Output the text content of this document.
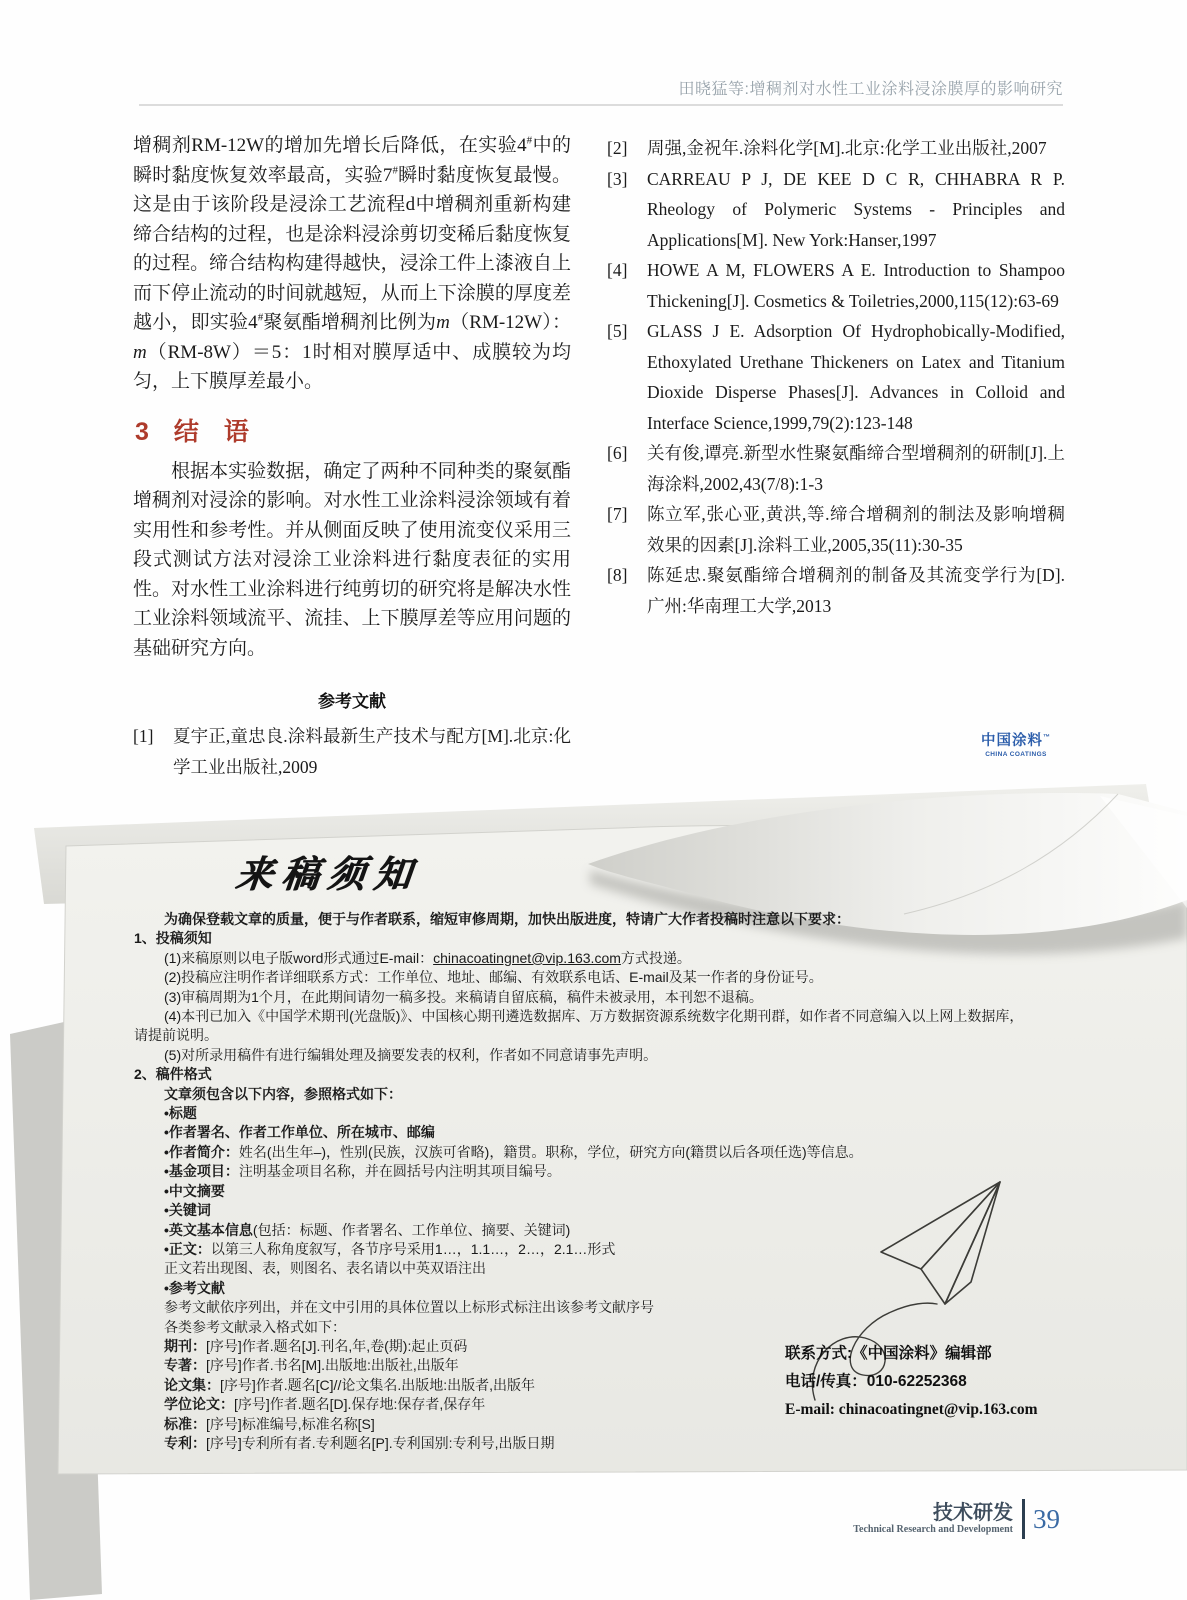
田晓猛等:增稠剂对水性工业涂料浸涂膜厚的影响研究
增稠剂RM-12W的增加先增长后降低，在实验4#中的瞬时黏度恢复效率最高，实验7#瞬时黏度恢复最慢。这是由于该阶段是浸涂工艺流程d中增稠剂重新构建缔合结构的过程，也是涂料浸涂剪切变稀后黏度恢复的过程。缔合结构构建得越快，浸涂工件上漆液自上而下停止流动的时间就越短，从而上下涂膜的厚度差越小，即实验4#聚氨酯增稠剂比例为m（RM-12W）：m（RM-8W）＝5：1时相对膜厚适中、成膜较为均匀，上下膜厚差最小。
3　结　语
根据本实验数据，确定了两种不同种类的聚氨酯增稠剂对浸涂的影响。对水性工业涂料浸涂领域有着实用性和参考性。并从侧面反映了使用流变仪采用三段式测试方法对浸涂工业涂料进行黏度表征的实用性。对水性工业涂料进行纯剪切的研究将是解决水性工业涂料领域流平、流挂、上下膜厚差等应用问题的基础研究方向。
参考文献
[1]	夏宇正,童忠良.涂料最新生产技术与配方[M].北京:化学工业出版社,2009
[2]	周强,金祝年.涂料化学[M].北京:化学工业出版社,2007
[3]	CARREAU P J, DE KEE D C R, CHHABRA R P. Rheology of Polymeric Systems - Principles and Applications[M]. New York:Hanser,1997
[4]	HOWE A M, FLOWERS A E. Introduction to Shampoo Thickening[J]. Cosmetics & Toiletries,2000,115(12):63-69
[5]	GLASS J E. Adsorption Of Hydrophobically-Modified, Ethoxylated Urethane Thickeners on Latex and Titanium Dioxide Disperse Phases[J]. Advances in Colloid and Interface Science,1999,79(2):123-148
[6]	关有俊,谭亮.新型水性聚氨酯缔合型增稠剂的研制[J].上海涂料,2002,43(7/8):1-3
[7]	陈立军,张心亚,黄洪,等.缔合增稠剂的制法及影响增稠效果的因素[J].涂料工业,2005,35(11):30-35
[8]	陈延忠.聚氨酯缔合增稠剂的制备及其流变学行为[D].广州:华南理工大学,2013
中国涂料™
CHINA COATINGS
来稿须知
为确保登载文章的质量，便于与作者联系，缩短审修周期，加快出版进度，特请广大作者投稿时注意以下要求：
1、投稿须知
(1)来稿原则以电子版word形式通过E-mail：chinacoatingnet@vip.163.com方式投递。
(2)投稿应注明作者详细联系方式：工作单位、地址、邮编、有效联系电话、E-mail及某一作者的身份证号。
(3)审稿周期为1个月，在此期间请勿一稿多投。来稿请自留底稿，稿件未被录用，本刊恕不退稿。
(4)本刊已加入《中国学术期刊(光盘版)》、中国核心期刊遴选数据库、万方数据资源系统数字化期刊群，如作者不同意编入以上网上数据库，
请提前说明。
(5)对所录用稿件有进行编辑处理及摘要发表的权利，作者如不同意请事先声明。
2、稿件格式
文章须包含以下内容，参照格式如下：
•标题
•作者署名、作者工作单位、所在城市、邮编
•作者简介：姓名(出生年–)，性别(民族，汉族可省略)，籍贯。职称，学位，研究方向(籍贯以后各项任选)等信息。
•基金项目：注明基金项目名称，并在圆括号内注明其项目编号。
•中文摘要
•关键词
•英文基本信息(包括：标题、作者署名、工作单位、摘要、关键词)
•正文：以第三人称角度叙写，各节序号采用1…，1.1…，2…，2.1…形式
正文若出现图、表，则图名、表名请以中英双语注出
•参考文献
参考文献依序列出，并在文中引用的具体位置以上标形式标注出该参考文献序号
各类参考文献录入格式如下：
期刊：[序号]作者.题名[J].刊名,年,卷(期):起止页码
专著：[序号]作者.书名[M].出版地:出版社,出版年
论文集：[序号]作者.题名[C]//论文集名.出版地:出版者,出版年
学位论文：[序号]作者.题名[D].保存地:保存者,保存年
标准：[序号]标准编号,标准名称[S]
专利：[序号]专利所有者.专利题名[P].专利国别:专利号,出版日期
联系方式:《中国涂料》编辑部
电话/传真：010-62252368
E-mail: chinacoatingnet@vip.163.com
技术研发
Technical Research and Development 39
